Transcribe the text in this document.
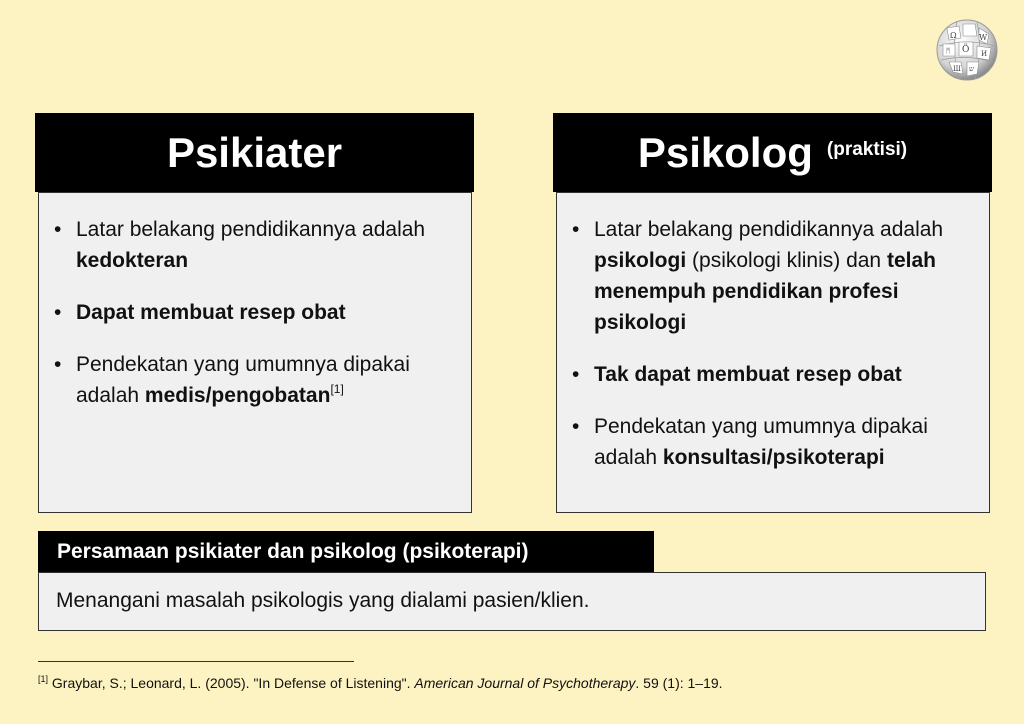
Ω	W
Ӧ
ᛗ	И
Ш ש
Psikiater
• Latar belakang pendidikannya adalah kedokteran
• Dapat membuat resep obat
• Pendekatan yang umumnya dipakai adalah medis/pengobatan[1]
Psikolog (praktisi)
• Latar belakang pendidikannya adalah psikologi (psikologi klinis) dan telah menempuh pendidikan profesi psikologi
• Tak dapat membuat resep obat
• Pendekatan yang umumnya dipakai adalah konsultasi/psikoterapi
Persamaan psikiater dan psikolog (psikoterapi)
Menangani masalah psikologis yang dialami pasien/klien.
[1] Graybar, S.; Leonard, L. (2005). "In Defense of Listening". American Journal of Psychotherapy. 59 (1): 1–19.
